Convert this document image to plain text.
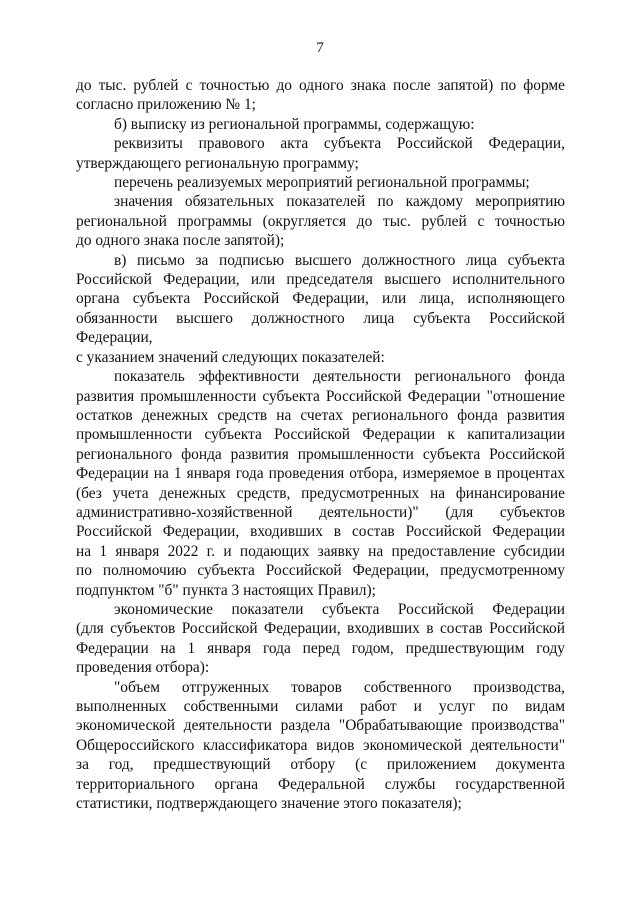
7
до тыс. рублей с точностью до одного знака после запятой) по форме
согласно приложению № 1;
б) выписку из региональной программы, содержащую:
реквизиты правового акта субъекта Российской Федерации,
утверждающего региональную программу;
перечень реализуемых мероприятий региональной программы;
значения обязательных показателей по каждому мероприятию
региональной программы (округляется до тыс. рублей с точностью
до одного знака после запятой);
в) письмо за подписью высшего должностного лица субъекта
Российской Федерации, или председателя высшего исполнительного
органа субъекта Российской Федерации, или лица, исполняющего
обязанности высшего должностного лица субъекта Российской Федерации,
с указанием значений следующих показателей:
показатель эффективности деятельности регионального фонда
развития промышленности субъекта Российской Федерации "отношение
остатков денежных средств на счетах регионального фонда развития
промышленности субъекта Российской Федерации к капитализации
регионального фонда развития промышленности субъекта Российской
Федерации на 1 января года проведения отбора, измеряемое в процентах
(без учета денежных средств, предусмотренных на финансирование
административно-хозяйственной деятельности)" (для субъектов
Российской Федерации, входивших в состав Российской Федерации
на 1 января 2022 г. и подающих заявку на предоставление субсидии
по полномочию субъекта Российской Федерации, предусмотренному
подпунктом "б" пункта 3 настоящих Правил);
экономические показатели субъекта Российской Федерации
(для субъектов Российской Федерации, входивших в состав Российской
Федерации на 1 января года перед годом, предшествующим году
проведения отбора):
"объем отгруженных товаров собственного производства,
выполненных собственными силами работ и услуг по видам
экономической деятельности раздела "Обрабатывающие производства"
Общероссийского классификатора видов экономической деятельности"
за год, предшествующий отбору (с приложением документа
территориального органа Федеральной службы государственной
статистики, подтверждающего значение этого показателя);
